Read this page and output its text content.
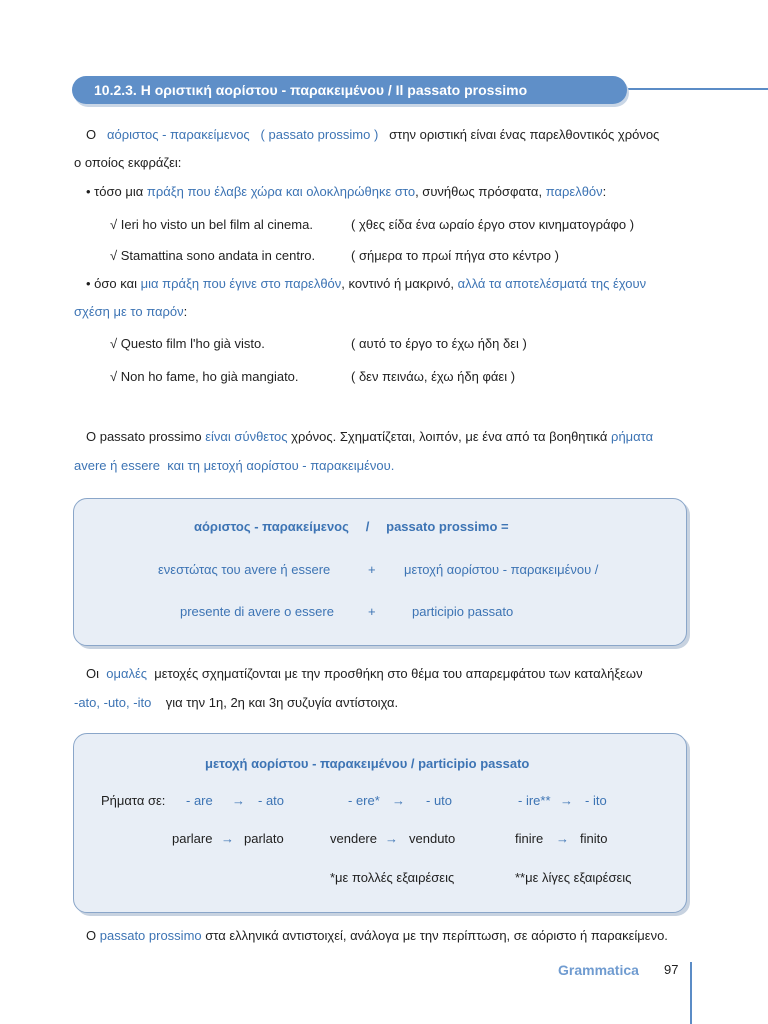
10.2.3. Η οριστική αορίστου - παρακειμένου / Il passato prossimo
Ο αόριστος - παρακείμενος ( passato prossimo ) στην οριστική είναι ένας παρελθοντικός χρόνος
ο οποίος εκφράζει:
• τόσο μια πράξη που έλαβε χώρα και ολοκληρώθηκε στο, συνήθως πρόσφατα, παρελθόν:
√ Ieri ho visto un bel film al cinema.	( χθες είδα ένα ωραίο έργο στον κινηματογράφο )
√ Stamattina sono andata in centro.	( σήμερα το πρωί πήγα στο κέντρο )
• όσο και μια πράξη που έγινε στο παρελθόν, κοντινό ή μακρινό, αλλά τα αποτελέσματά της έχουν
σχέση με το παρόν:
√ Questo film l'ho già visto.	( αυτό το έργο το έχω ήδη δει )
√ Non ho fame, ho già mangiato.	( δεν πεινάω, έχω ήδη φάει )
Ο passato prossimo είναι σύνθετος χρόνος. Σχηματίζεται, λοιπόν, με ένα από τα βοηθητικά ρήματα
avere ή essere και τη μετοχή αορίστου - παρακειμένου.
αόριστος - παρακείμενος / passato prossimo =
ενεστώτας του avere ή essere	+ μετοχή αορίστου - παρακειμένου /
presente di avere o essere	+	participio passato
Οι ομαλές μετοχές σχηματίζονται με την προσθήκη στο θέμα του απαρεμφάτου των καταλήξεων
-ato, -uto, -ito για την 1η, 2η και 3η συζυγία αντίστοιχα.
μετοχή αορίστου - παρακειμένου / participio passato
Ρήματα σε: - are → - ato	- ere* → - uto	- ire** → - ito
parlare → parlato	vendere → venduto	finire → finito
*με πολλές εξαιρέσεις	**με λίγες εξαιρέσεις
Ο passato prossimo στα ελληνικά αντιστοιχεί, ανάλογα με την περίπτωση, σε αόριστο ή παρακείμενο.
Grammatica 97
